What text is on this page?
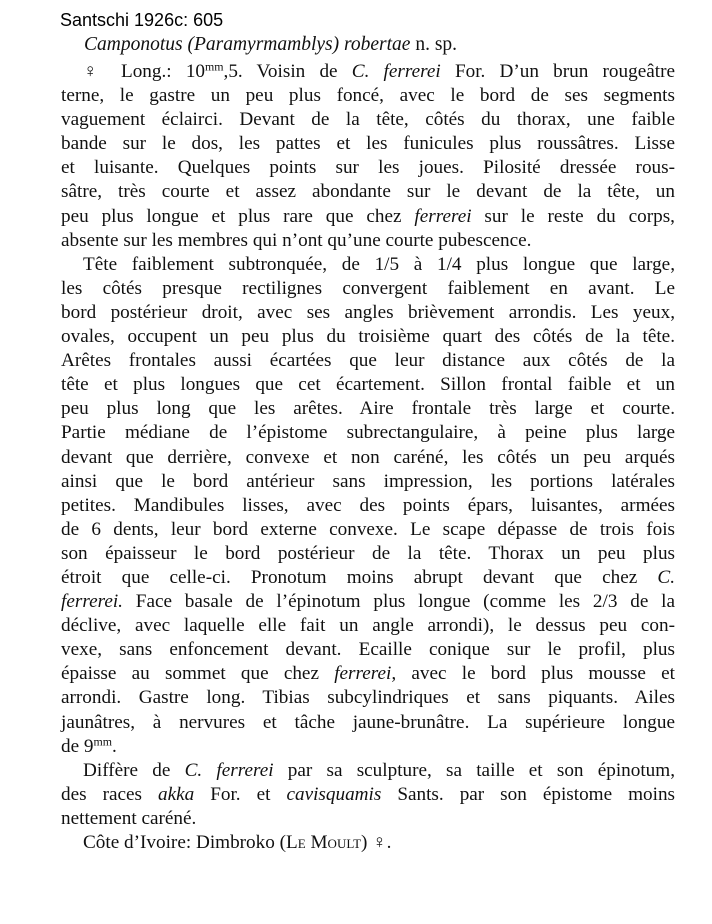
Santschi 1926c: 605
Camponotus (Paramyrmamblys) robertae n. sp.
♀ Long.: $10^{mm},5$. Voisin de C. ferrerei For. D’un brun rougeâtre
terne, le gastre un peu plus foncé, avec le bord de ses segments
vaguement éclairci. Devant de la tête, côtés du thorax, une faible
bande sur le dos, les pattes et les funicules plus roussâtres. Lisse
et luisante. Quelques points sur les joues. Pilosité dressée rous-
sâtre, très courte et assez abondante sur le devant de la tête, un
peu plus longue et plus rare que chez ferrerei sur le reste du corps,
absente sur les membres qui n’ont qu’une courte pubescence.
Tête faiblement subtronquée, de 1/5 à 1/4 plus longue que large,
les côtés presque rectilignes convergent faiblement en avant. Le
bord postérieur droit, avec ses angles brièvement arrondis. Les yeux,
ovales, occupent un peu plus du troisième quart des côtés de la tête.
Arêtes frontales aussi écartées que leur distance aux côtés de la
tête et plus longues que cet écartement. Sillon frontal faible et un
peu plus long que les arêtes. Aire frontale très large et courte.
Partie médiane de l’épistome subrectangulaire, à peine plus large
devant que derrière, convexe et non caréné, les côtés un peu arqués
ainsi que le bord antérieur sans impression, les portions latérales
petites. Mandibules lisses, avec des points épars, luisantes, armées
de 6 dents, leur bord externe convexe. Le scape dépasse de trois fois
son épaisseur le bord postérieur de la tête. Thorax un peu plus
étroit que celle-ci. Pronotum moins abrupt devant que chez C.
ferrerei. Face basale de l’épinotum plus longue (comme les 2/3 de la
déclive, avec laquelle elle fait un angle arrondi), le dessus peu con-
vexe, sans enfoncement devant. Ecaille conique sur le profil, plus
épaisse au sommet que chez ferrerei, avec le bord plus mousse et
arrondi. Gastre long. Tibias subcylindriques et sans piquants. Ailes
jaunâtres, à nervures et tâche jaune-brunâtre. La supérieure longue
de $9^{mm}$.
Diffère de C. ferrerei par sa sculpture, sa taille et son épinotum,
des races akka For. et cavisquamis Sants. par son épistome moins
nettement caréné.
Côte d’Ivoire: Dimbroko (Le Moult) ♀.
